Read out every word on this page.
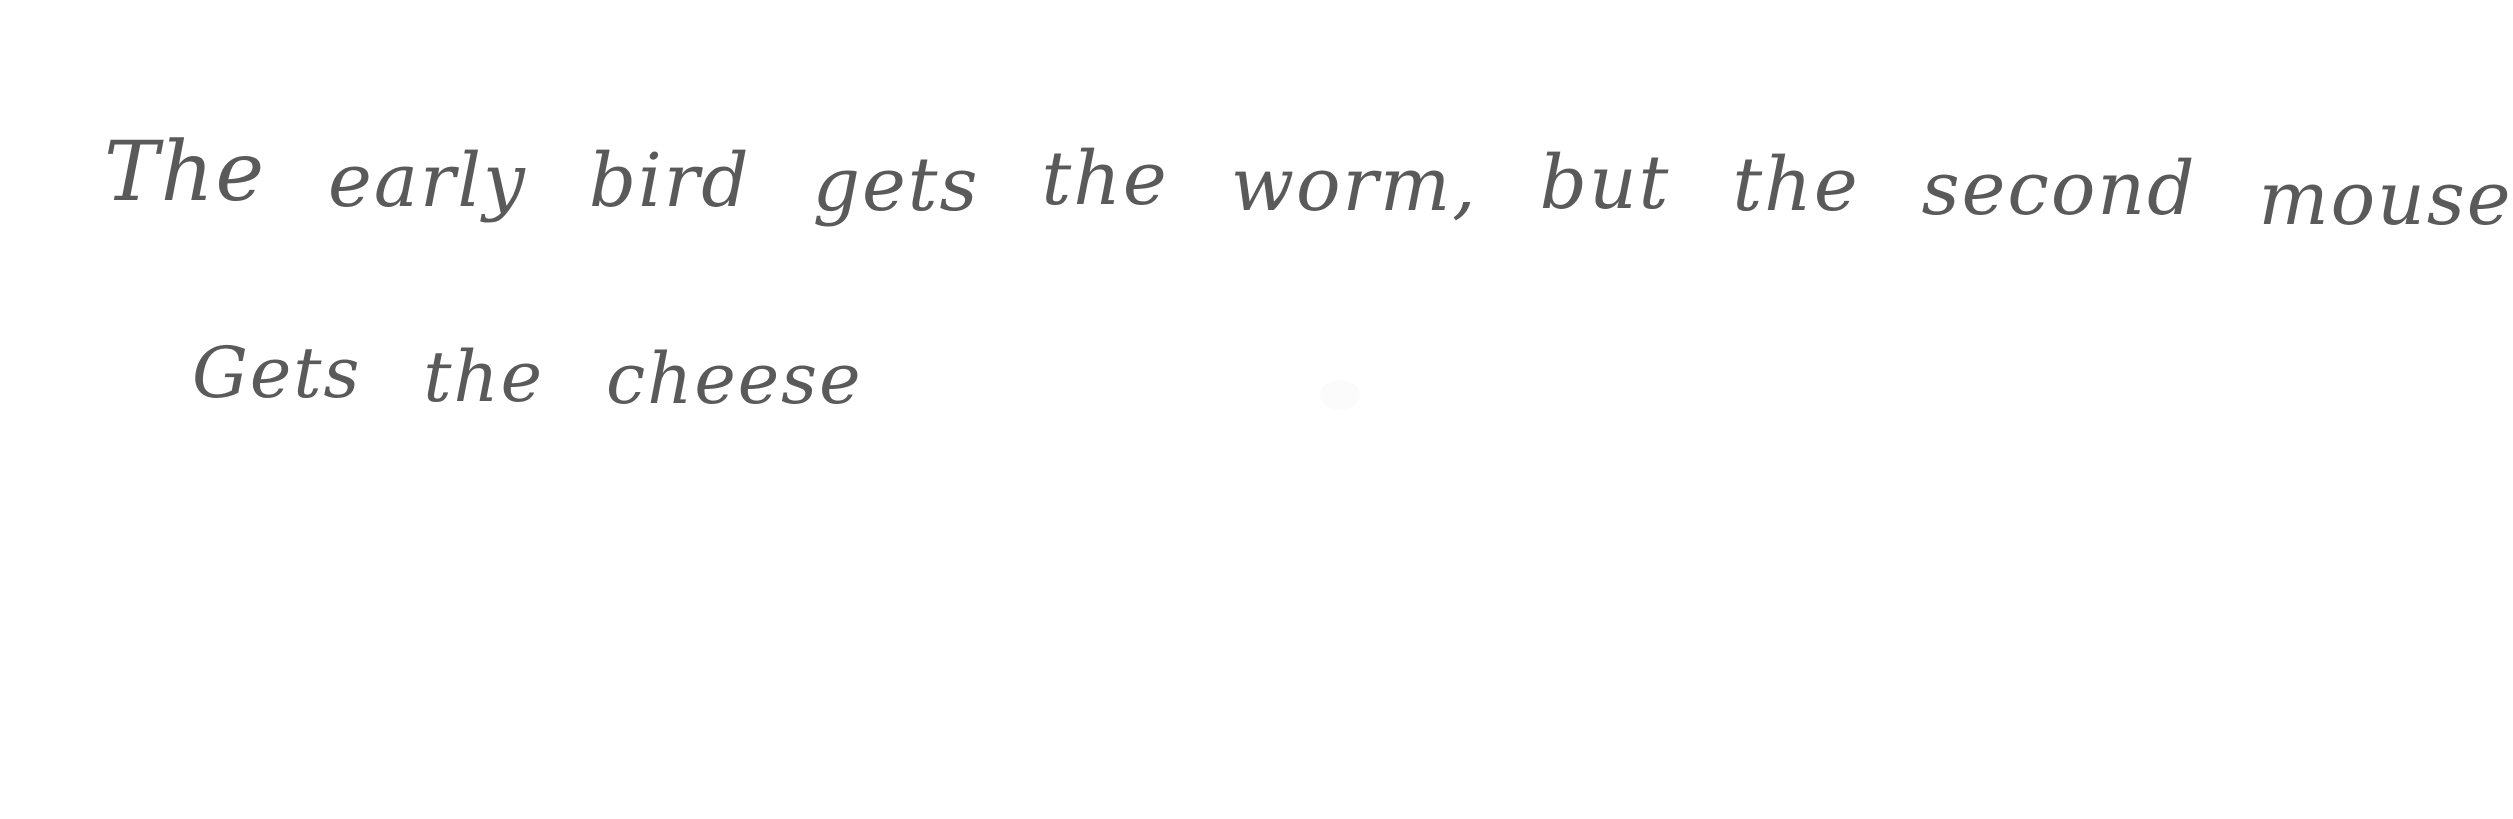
The early bird gets the worm, but the second mouse
Gets the cheese
